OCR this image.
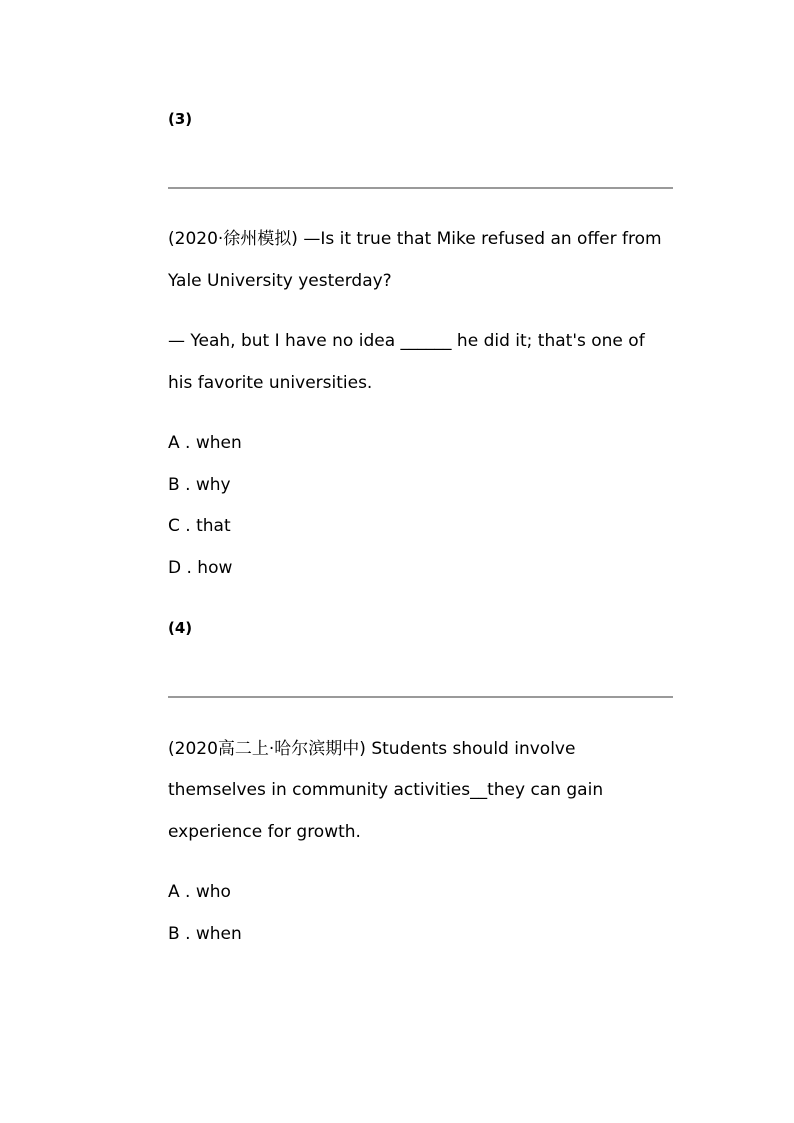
(3)
(2020·徐州模拟) —Is it true that Mike refused an offer from
Yale University yesterday?
— Yeah, but I have no idea ______ he did it; that's one of
his favorite universities.
A . when
B . why
C . that
D . how
(4)
(2020高二上·哈尔滨期中) Students should involve
themselves in community activities__they can gain
experience for growth.
A . who
B . when
